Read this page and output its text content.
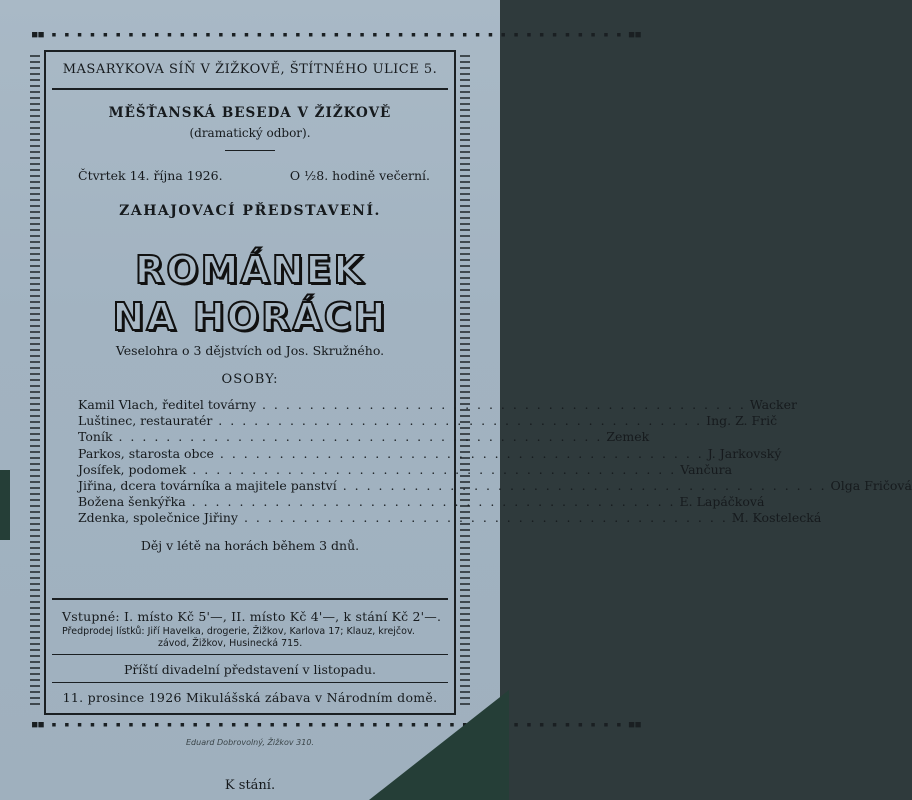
■■ ▪ ▪ ▪ ▪ ▪ ▪ ▪ ▪ ▪ ▪ ▪ ▪ ▪ ▪ ▪ ▪ ▪ ▪ ▪ ▪ ▪ ▪ ▪ ▪ ▪ ▪ ▪ ▪ ▪ ▪ ▪ ▪ ▪ ▪ ▪ ▪ ▪ ▪ ▪ ▪ ▪ ▪ ▪ ▪ ▪ ■■
■■ ▪ ▪ ▪ ▪ ▪ ▪ ▪ ▪ ▪ ▪ ▪ ▪ ▪ ▪ ▪ ▪ ▪ ▪ ▪ ▪ ▪ ▪ ▪ ▪ ▪ ▪ ▪ ▪ ▪ ▪ ▪ ▪ ▪ ▪ ▪ ▪ ▪ ▪ ▪ ▪ ▪ ▪ ▪ ▪ ▪ ■■
MASARYKOVA SÍŇ V ŽIŽKOVĚ, ŠTÍTNÉHO ULICE 5.
MĚŠŤANSKÁ BESEDA V ŽIŽKOVĚ
(dramatický odbor).
Čtvrtek 14. října 1926.	O ½8. hodině večerní.
ZAHAJOVACÍ PŘEDSTAVENÍ.
ROMÁNEK
NA HORÁCH
Veselohra o 3 dějstvích od Jos. Skružného.
OSOBY:
Kamil Vlach, ředitel továrny . . .	Wacker
Luštinec, restauratér . . .	Ing. Z. Frič
Toník . . .	Zemek
Parkos, starosta obce . . .	J. Jarkovský
Josífek, podomek . . .	Vančura
Jiřina, dcera továrníka a majitele panství . . .	Olga Fričová
Božena šenkýřka . . .	E. Lapáčková
Zdenka, společnice Jiřiny . . .	M. Kostelecká
Děj v létě na horách během 3 dnů.
Vstupné: I. místo Kč 5'—, II. místo Kč 4'—, k stání Kč 2'—.
Předprodej lístků: Jiří Havelka, drogerie, Žižkov, Karlova 17; Klauz, krejčov.
závod, Žižkov, Husinecká 715.
Příští divadelní představení v listopadu.
11. prosince 1926 Mikulášská zábava v Národním domě.
Eduard Dobrovolný, Žižkov 310.
K stání.
